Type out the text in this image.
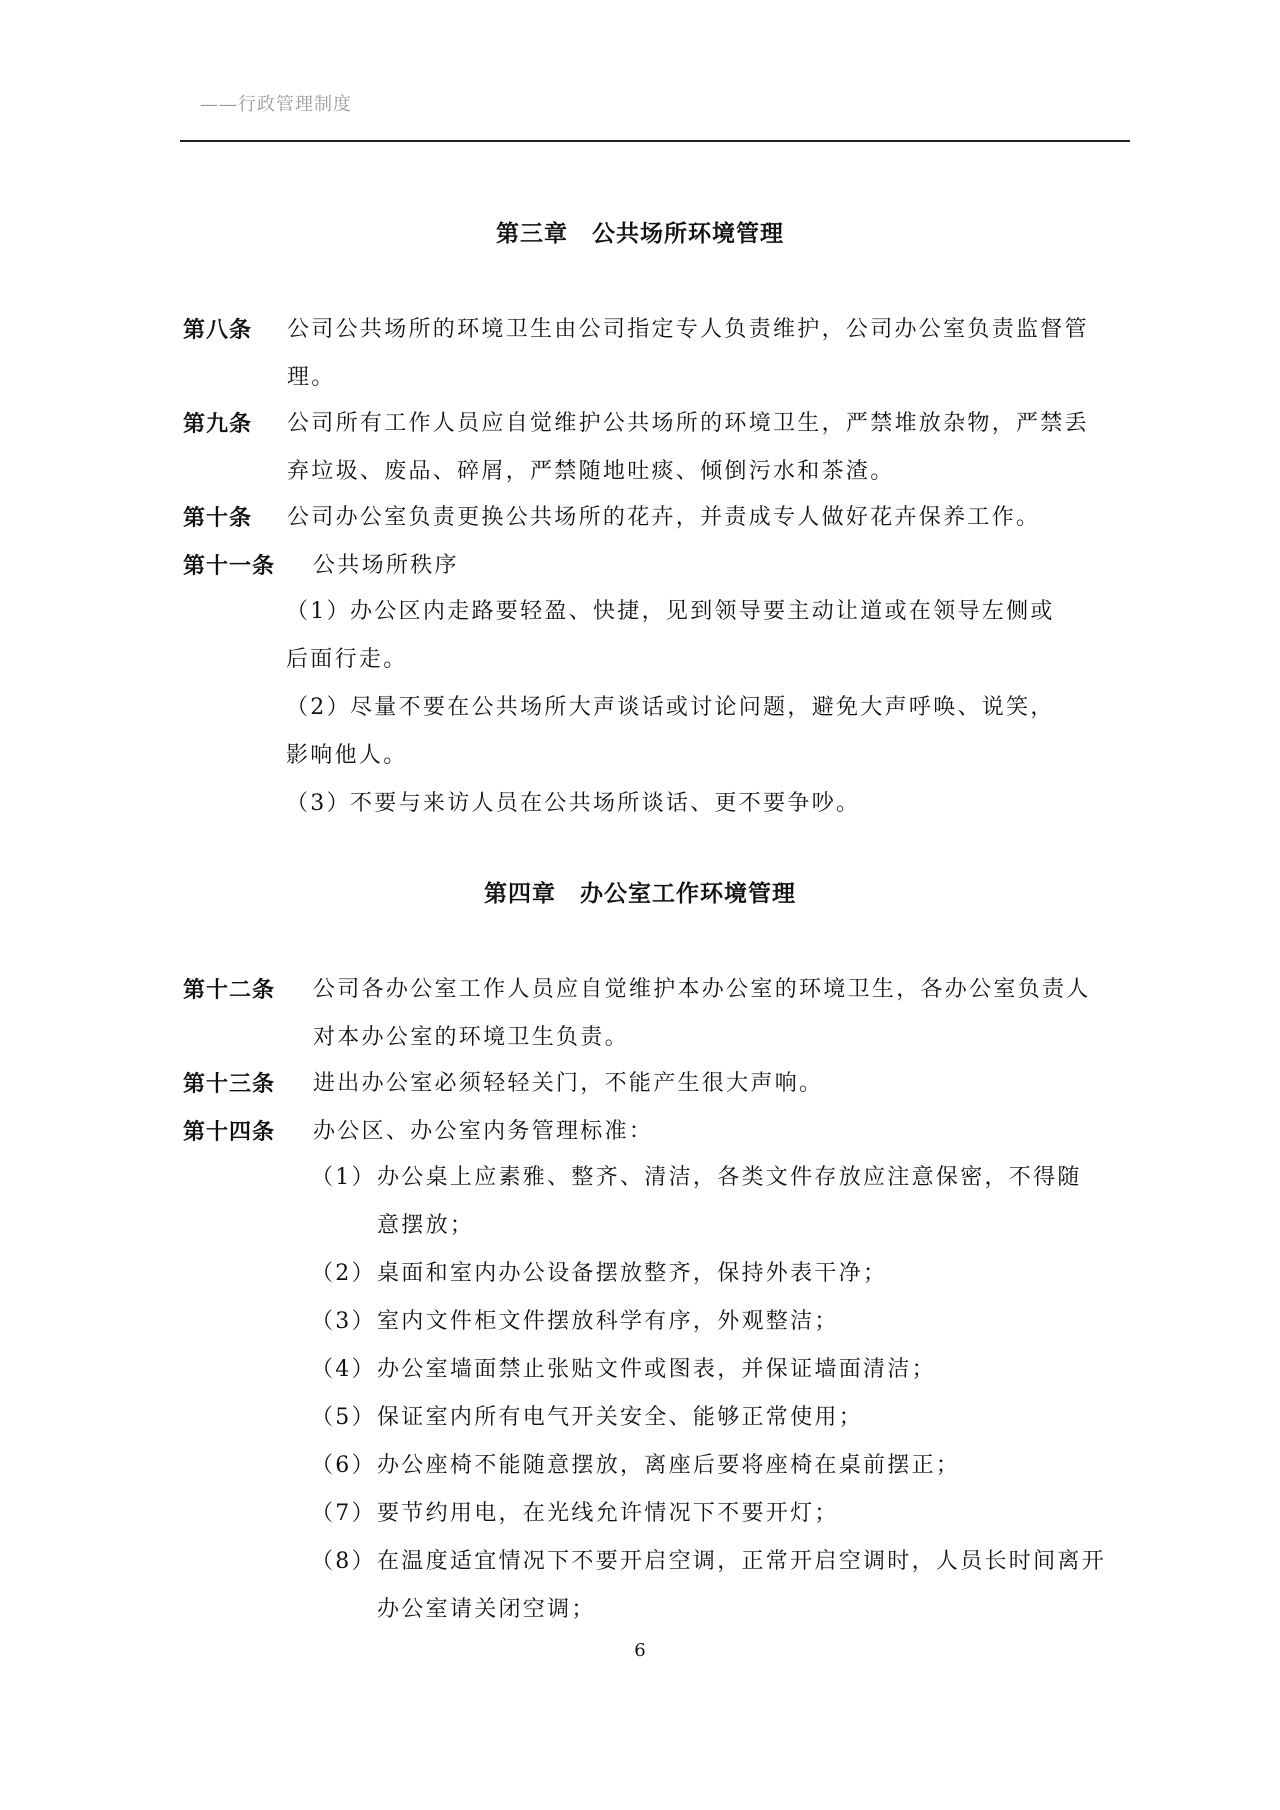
——行政管理制度
第三章　公共场所环境管理
第八条 公司公共场所的环境卫生由公司指定专人负责维护，公司办公室负责监督管理。
第九条 公司所有工作人员应自觉维护公共场所的环境卫生，严禁堆放杂物，严禁丢弃垃圾、废品、碎屑，严禁随地吐痰、倾倒污水和茶渣。
第十条 公司办公室负责更换公共场所的花卉，并责成专人做好花卉保养工作。
第十一条 公共场所秩序
（1） 办公区内走路要轻盈、快捷，见到领导要主动让道或在领导左侧或
后面行走。
（2） 尽量不要在公共场所大声谈话或讨论问题，避免大声呼唤、说笑，
影响他人。
（3） 不要与来访人员在公共场所谈话、更不要争吵。
第四章　办公室工作环境管理
第十二条 公司各办公室工作人员应自觉维护本办公室的环境卫生，各办公室负责人对本办公室的环境卫生负责。
第十三条 进出办公室必须轻轻关门，不能产生很大声响。
第十四条 办公区、办公室内务管理标准：
（1） 办公桌上应素雅、整齐、清洁，各类文件存放应注意保密，不得随意摆放；
（2） 桌面和室内办公设备摆放整齐，保持外表干净；
（3） 室内文件柜文件摆放科学有序，外观整洁；
（4） 办公室墙面禁止张贴文件或图表，并保证墙面清洁；
（5） 保证室内所有电气开关安全、能够正常使用；
（6） 办公座椅不能随意摆放，离座后要将座椅在桌前摆正；
（7） 要节约用电，在光线允许情况下不要开灯；
（8） 在温度适宜情况下不要开启空调，正常开启空调时，人员长时间离开办公室请关闭空调；
6
